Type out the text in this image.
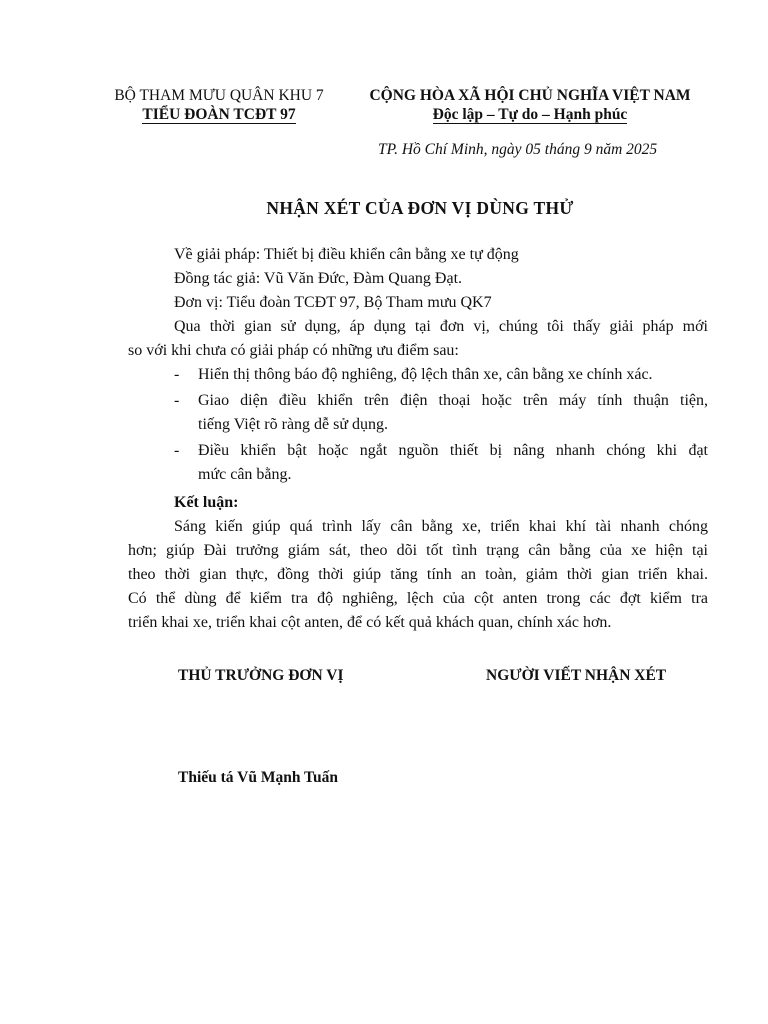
BỘ THAM MƯU QUÂN KHU 7
TIỂU ĐOÀN TCĐT 97
CỘNG HÒA XÃ HỘI CHỦ NGHĨA VIỆT NAM
Độc lập – Tự do – Hạnh phúc
TP. Hồ Chí Minh, ngày 05 tháng 9 năm 2025
NHẬN XÉT CỦA ĐƠN VỊ DÙNG THỬ
Về giải pháp: Thiết bị điều khiển cân bằng xe tự động
Đồng tác giả: Vũ Văn Đức, Đàm Quang Đạt.
Đơn vị: Tiểu đoàn TCĐT 97, Bộ Tham mưu QK7
Qua thời gian sử dụng, áp dụng tại đơn vị, chúng tôi thấy giải pháp mới
so với khi chưa có giải pháp có những ưu điểm sau:
- Hiển thị thông báo độ nghiêng, độ lệch thân xe, cân bằng xe chính xác.
- Giao diện điều khiển trên điện thoại hoặc trên máy tính thuận tiện,
tiếng Việt rõ ràng dễ sử dụng.
- Điều khiển bật hoặc ngắt nguồn thiết bị nâng nhanh chóng khi đạt
mức cân bằng.
Kết luận:
Sáng kiến giúp quá trình lấy cân bằng xe, triển khai khí tài nhanh chóng
hơn; giúp Đài trưởng giám sát, theo dõi tốt tình trạng cân bằng của xe hiện tại
theo thời gian thực, đồng thời giúp tăng tính an toàn, giảm thời gian triển khai.
Có thể dùng để kiểm tra độ nghiêng, lệch của cột anten trong các đợt kiểm tra
triển khai xe, triển khai cột anten, để có kết quả khách quan, chính xác hơn.
THỦ TRƯỞNG ĐƠN VỊ	NGƯỜI VIẾT NHẬN XÉT
Thiếu tá Vũ Mạnh Tuấn
